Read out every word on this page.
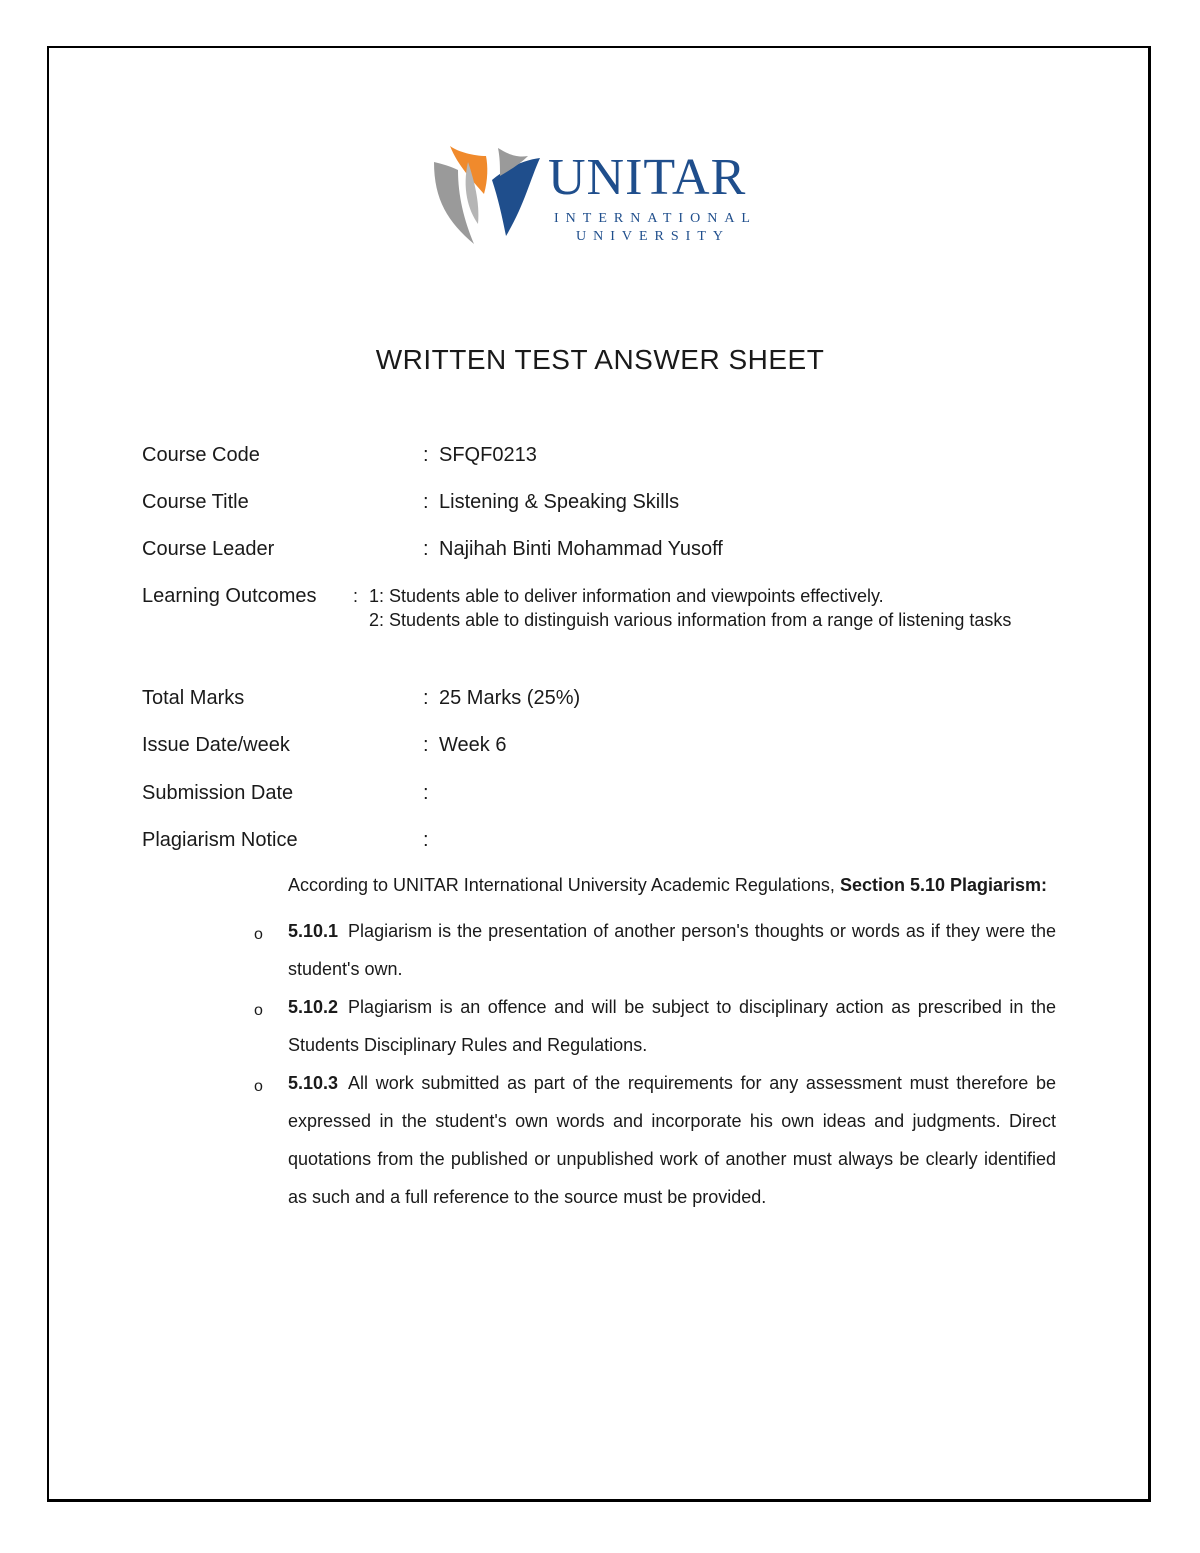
UNITAR
INTERNATIONAL
UNIVERSITY
WRITTEN TEST ANSWER SHEET
Course Code	: SFQF0213
Course Title	: Listening & Speaking Skills
Course Leader	: Najihah Binti Mohammad Yusoff
Learning Outcomes : 1: Students able to deliver information and viewpoints effectively.
2: Students able to distinguish various information from a range of listening tasks
Total Marks	: 25 Marks (25%)
Issue Date/week	: Week 6
Submission Date	:
Plagiarism Notice	:
According to UNITAR International University Academic Regulations, Section 5.10 Plagiarism:
o 5.10.1 Plagiarism is the presentation of another person's thoughts or words as if they were the student's own.
o 5.10.2 Plagiarism is an offence and will be subject to disciplinary action as prescribed in the Students Disciplinary Rules and Regulations.
o 5.10.3 All work submitted as part of the requirements for any assessment must therefore be expressed in the student's own words and incorporate his own ideas and judgments. Direct quotations from the published or unpublished work of another must always be clearly identified as such and a full reference to the source must be provided.
